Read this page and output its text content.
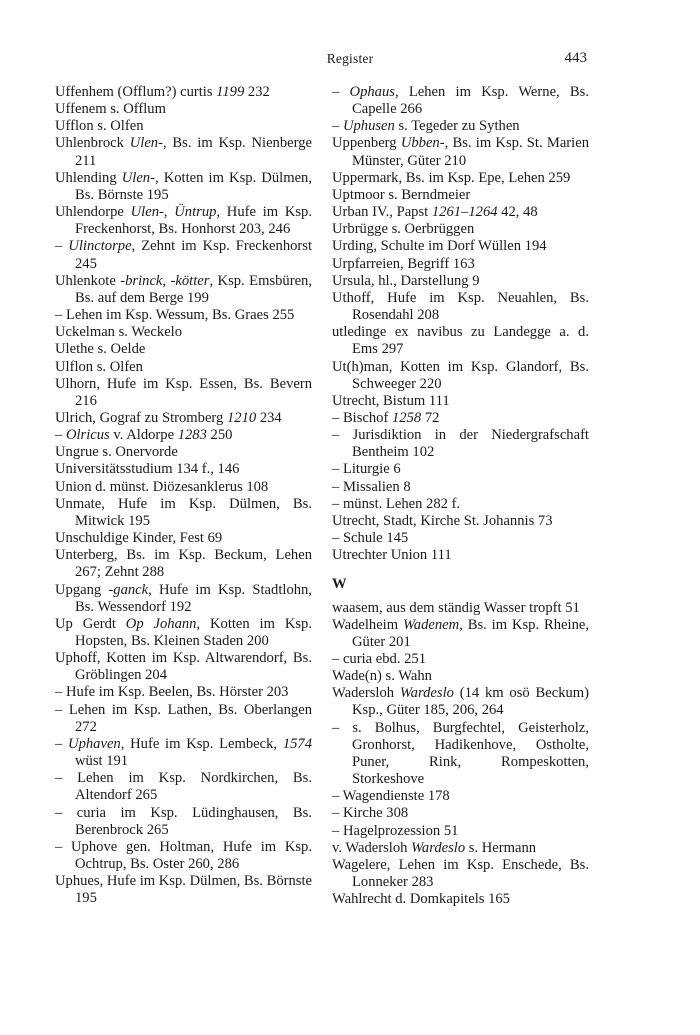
Register	443

Uffenhem (Offlum?) curtis 1199 232

Uffenem s. Offlum

Ufflon s. Olfen

Uhlenbrock Ulen-, Bs. im Ksp. Nienberge 211

Uhlending Ulen-, Kotten im Ksp. Dülmen, Bs. Börnste 195

Uhlendorpe Ulen-, Üntrup, Hufe im Ksp. Freckenhorst, Bs. Honhorst 203, 246

– Ulinctorpe, Zehnt im Ksp. Freckenhorst 245

Uhlenkote -brinck, -kötter, Ksp. Emsbüren, Bs. auf dem Berge 199

– Lehen im Ksp. Wessum, Bs. Graes 255

Uckelman s. Weckelo

Ulethe s. Oelde

Ulflon s. Olfen

Ulhorn, Hufe im Ksp. Essen, Bs. Bevern 216

Ulrich, Gograf zu Stromberg 1210 234

– Olricus v. Aldorpe 1283 250

Ungrue s. Onervorde

Universitätsstudium 134 f., 146

Union d. münst. Diözesanklerus 108

Unmate, Hufe im Ksp. Dülmen, Bs. Mitwick 195

Unschuldige Kinder, Fest 69

Unterberg, Bs. im Ksp. Beckum, Lehen 267; Zehnt 288

Upgang -ganck, Hufe im Ksp. Stadtlohn, Bs. Wessendorf 192

Up Gerdt Op Johann, Kotten im Ksp. Hopsten, Bs. Kleinen Staden 200

Uphoff, Kotten im Ksp. Altwarendorf, Bs. Gröblingen 204

– Hufe im Ksp. Beelen, Bs. Hörster 203

– Lehen im Ksp. Lathen, Bs. Oberlangen 272

– Uphaven, Hufe im Ksp. Lembeck, 1574 wüst 191

– Lehen im Ksp. Nordkirchen, Bs. Altendorf 265

– curia im Ksp. Lüdinghausen, Bs. Berenbrock 265

– Uphove gen. Holtman, Hufe im Ksp. Ochtrup, Bs. Oster 260, 286

Uphues, Hufe im Ksp. Dülmen, Bs. Börnste 195

– Ophaus, Lehen im Ksp. Werne, Bs. Capelle 266

– Uphusen s. Tegeder zu Sythen

Uppenberg Ubben-, Bs. im Ksp. St. Marien Münster, Güter 210

Uppermark, Bs. im Ksp. Epe, Lehen 259

Uptmoor s. Berndmeier

Urban IV., Papst 1261–1264 42, 48

Urbrügge s. Oerbrüggen

Urding, Schulte im Dorf Wüllen 194

Urpfarreien, Begriff 163

Ursula, hl., Darstellung 9

Uthoff, Hufe im Ksp. Neuahlen, Bs. Rosendahl 208

utledinge ex navibus zu Landegge a. d. Ems 297

Ut(h)man, Kotten im Ksp. Glandorf, Bs. Schweeger 220

Utrecht, Bistum 111

– Bischof 1258 72

– Jurisdiktion in der Niedergrafschaft Bentheim 102

– Liturgie 6

– Missalien 8

– münst. Lehen 282 f.

Utrecht, Stadt, Kirche St. Johannis 73

– Schule 145

Utrechter Union 111

W

waasem, aus dem ständig Wasser tropft 51

Wadelheim Wadenem, Bs. im Ksp. Rheine, Güter 201

– curia ebd. 251

Wade(n) s. Wahn

Wadersloh Wardeslo (14 km osö Beckum) Ksp., Güter 185, 206, 264

– s. Bolhus, Burgfechtel, Geisterholz, Gronhorst, Hadikenhove, Ostholte, Puner, Rink, Rompeskotten, Storkeshove

– Wagendienste 178

– Kirche 308

– Hagelprozession 51

v. Wadersloh Wardeslo s. Hermann

Wagelere, Lehen im Ksp. Enschede, Bs. Lonneker 283

Wahlrecht d. Domkapitels 165
